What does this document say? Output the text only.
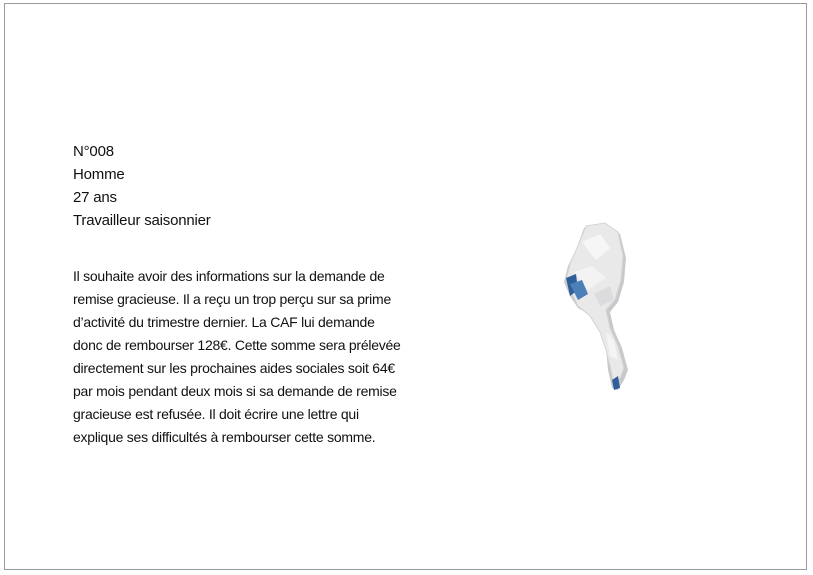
N°008
Homme
27 ans
Travailleur saisonnier

Il souhaite avoir des informations sur la demande de remise gracieuse. Il a reçu un trop perçu sur sa prime d’activité du trimestre dernier. La CAF lui demande donc de rembourser 128€. Cette somme sera prélevée directement sur les prochaines aides sociales soit 64€ par mois pendant deux mois si sa demande de remise gracieuse est refusée. Il doit écrire une lettre qui explique ses difficultés à rembourser cette somme.
